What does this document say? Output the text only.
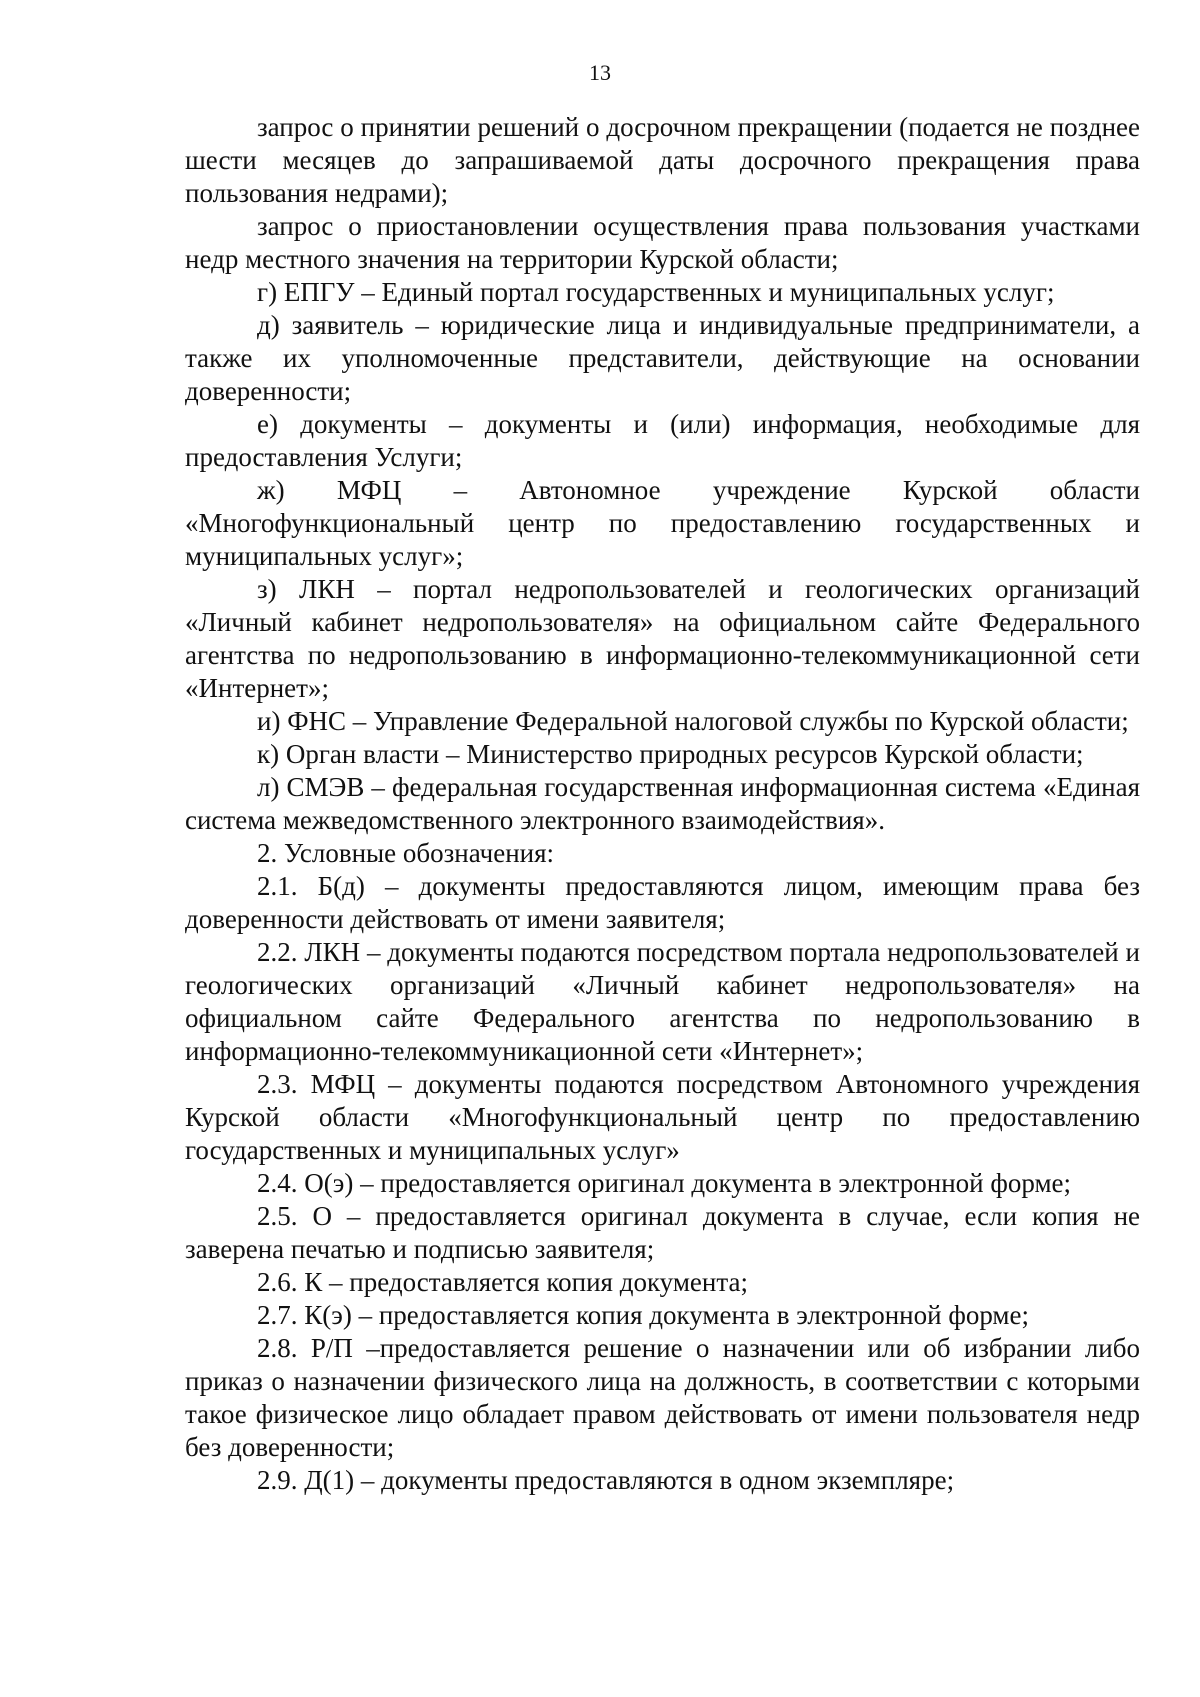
13

запрос о принятии решений о досрочном прекращении (подается не позднее шести месяцев до запрашиваемой даты досрочного прекращения права пользования недрами);

запрос о приостановлении осуществления права пользования участками недр местного значения на территории Курской области;

г) ЕПГУ – Единый портал государственных и муниципальных услуг;

д) заявитель – юридические лица и индивидуальные предприниматели, а также их уполномоченные представители, действующие на основании доверенности;

е) документы – документы и (или) информация, необходимые для предоставления Услуги;

ж) МФЦ – Автономное учреждение Курской области «Многофункциональный центр по предоставлению государственных и муниципальных услуг»;

з) ЛКН – портал недропользователей и геологических организаций «Личный кабинет недропользователя» на официальном сайте Федерального агентства по недропользованию в информационно-телекоммуникационной сети «Интернет»;

и) ФНС – Управление Федеральной налоговой службы по Курской области;

к) Орган власти – Министерство природных ресурсов Курской области;

л) СМЭВ – федеральная государственная информационная система «Единая система межведомственного электронного взаимодействия».

2. Условные обозначения:

2.1. Б(д) – документы предоставляются лицом, имеющим права без доверенности действовать от имени заявителя;

2.2. ЛКН – документы подаются посредством портала недропользователей и геологических организаций «Личный кабинет недропользователя» на официальном сайте Федерального агентства по недропользованию в информационно-телекоммуникационной сети «Интернет»;

2.3. МФЦ – документы подаются посредством Автономного учреждения Курской области «Многофункциональный центр по предоставлению государственных и муниципальных услуг»

2.4. О(э) – предоставляется оригинал документа в электронной форме;

2.5. О – предоставляется оригинал документа в случае, если копия не заверена печатью и подписью заявителя;

2.6. К – предоставляется копия документа;

2.7. К(э) – предоставляется копия документа в электронной форме;

2.8. Р/П –предоставляется решение о назначении или об избрании либо приказ о назначении физического лица на должность, в соответствии с которыми такое физическое лицо обладает правом действовать от имени пользователя недр без доверенности;

2.9. Д(1) – документы предоставляются в одном экземпляре;
